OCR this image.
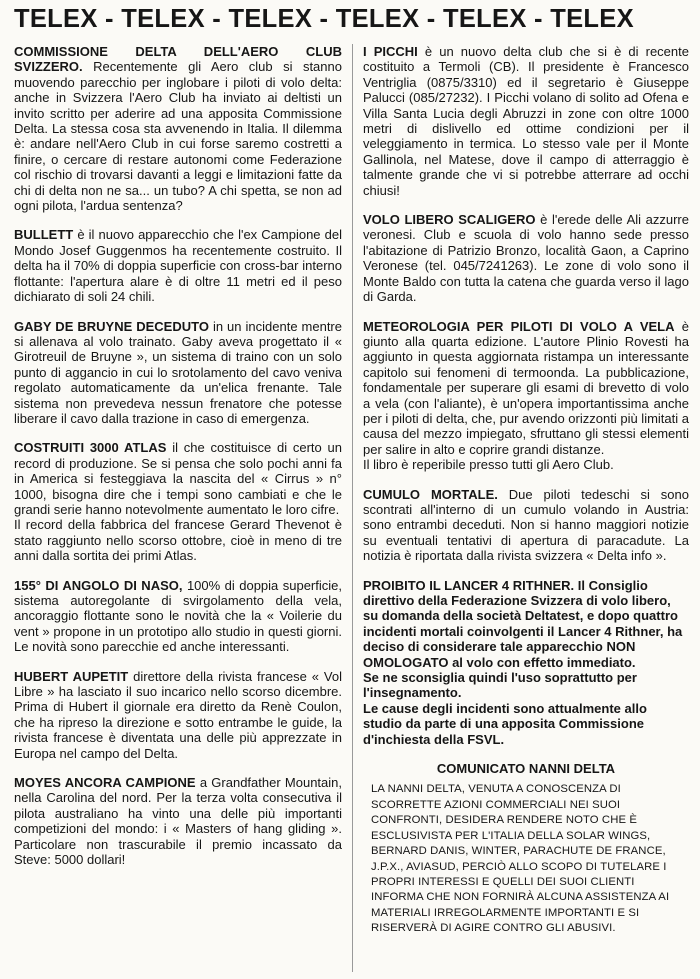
TELEX - TELEX - TELEX - TELEX - TELEX - TELEX

COMMISSIONE DELTA DELL'AERO CLUB SVIZZERO. Recentemente gli Aero club si stanno muovendo parecchio per inglobare i piloti di volo delta: anche in Svizzera l'Aero Club ha inviato ai deltisti un invito scritto per aderire ad una apposita Commissione Delta. La stessa cosa sta avvenendo in Italia. Il dilemma è: andare nell'Aero Club in cui forse saremo costretti a finire, o cercare di restare autonomi come Federazione col rischio di trovarsi davanti a leggi e limitazioni fatte da chi di delta non ne sa... un tubo? A chi spetta, se non ad ogni pilota, l'ardua sentenza?

BULLETT è il nuovo apparecchio che l'ex Campione del Mondo Josef Guggenmos ha recentemente costruito. Il delta ha il 70% di doppia superficie con cross-bar interno flottante: l'apertura alare è di oltre 11 metri ed il peso dichiarato di soli 24 chili.

GABY DE BRUYNE DECEDUTO in un incidente mentre si allenava al volo trainato. Gaby aveva progettato il « Girotreuil de Bruyne », un sistema di traino con un solo punto di aggancio in cui lo srotolamento del cavo veniva regolato automaticamente da un'elica frenante. Tale sistema non prevedeva nessun frenatore che potesse liberare il cavo dalla trazione in caso di emergenza.

COSTRUITI 3000 ATLAS il che costituisce di certo un record di produzione. Se si pensa che solo pochi anni fa in America si festeggiava la nascita del « Cirrus » n° 1000, bisogna dire che i tempi sono cambiati e che le grandi serie hanno notevolmente aumentato le loro cifre.

Il record della fabbrica del francese Gerard Thevenot è stato raggiunto nello scorso ottobre, cioè in meno di tre anni dalla sortita dei primi Atlas.

155° DI ANGOLO DI NASO, 100% di doppia superficie, sistema autoregolante di svirgolamento della vela, ancoraggio flottante sono le novità che la « Voilerie du vent » propone in un prototipo allo studio in questi giorni. Le novità sono parecchie ed anche interessanti.

HUBERT AUPETIT direttore della rivista francese « Vol Libre » ha lasciato il suo incarico nello scorso dicembre. Prima di Hubert il giornale era diretto da Renè Coulon, che ha ripreso la direzione e sotto entrambe le guide, la rivista francese è diventata una delle più apprezzate in Europa nel campo del Delta.

MOYES ANCORA CAMPIONE a Grandfather Mountain, nella Carolina del nord. Per la terza volta consecutiva il pilota australiano ha vinto una delle più importanti competizioni del mondo: i « Masters of hang gliding ». Particolare non trascurabile il premio incassato da Steve: 5000 dollari!

I PICCHI è un nuovo delta club che si è di recente costituito a Termoli (CB). Il presidente è Francesco Ventriglia (0875/3310) ed il segretario è Giuseppe Palucci (085/27232). I Picchi volano di solito ad Ofena e Villa Santa Lucia degli Abruzzi in zone con oltre 1000 metri di dislivello ed ottime condizioni per il veleggiamento in termica. Lo stesso vale per il Monte Gallinola, nel Matese, dove il campo di atterraggio è talmente grande che vi si potrebbe atterrare ad occhi chiusi!

VOLO LIBERO SCALIGERO è l'erede delle Ali azzurre veronesi. Club e scuola di volo hanno sede presso l'abitazione di Patrizio Bronzo, località Gaon, a Caprino Veronese (tel. 045/7241263). Le zone di volo sono il Monte Baldo con tutta la catena che guarda verso il lago di Garda.

METEOROLOGIA PER PILOTI DI VOLO A VELA è giunto alla quarta edizione. L'autore Plinio Rovesti ha aggiunto in questa aggiornata ristampa un interessante capitolo sui fenomeni di termoonda. La pubblicazione, fondamentale per superare gli esami di brevetto di volo a vela (con l'aliante), è un'opera importantissima anche per i piloti di delta, che, pur avendo orizzonti più limitati a causa del mezzo impiegato, sfruttano gli stessi elementi per salire in alto e coprire grandi distanze.

Il libro è reperibile presso tutti gli Aero Club.

CUMULO MORTALE. Due piloti tedeschi si sono scontrati all'interno di un cumulo volando in Austria: sono entrambi deceduti. Non si hanno maggiori notizie su eventuali tentativi di apertura di paracadute. La notizia è riportata dalla rivista svizzera « Delta info ».

PROIBITO IL LANCER 4 RITHNER. Il Consiglio direttivo della Federazione Svizzera di volo libero, su domanda della società Deltatest, e dopo quattro incidenti mortali coinvolgenti il Lancer 4 Rithner, ha deciso di considerare tale apparecchio NON OMOLOGATO al volo con effetto immediato.

Se ne sconsiglia quindi l'uso soprattutto per l'insegnamento.

Le cause degli incidenti sono attualmente allo studio da parte di una apposita Commissione d'inchiesta della FSVL.

COMUNICATO NANNI DELTA
LA NANNI DELTA, VENUTA A CONOSCENZA DI SCORRETTE AZIONI COMMERCIALI NEI SUOI CONFRONTI, DESIDERA RENDERE NOTO CHE È ESCLUSIVISTA PER L'ITALIA DELLA SOLAR WINGS, BERNARD DANIS, WINTER, PARACHUTE DE FRANCE, J.P.X., AVIASUD, PERCIÒ ALLO SCOPO DI TUTELARE I PROPRI INTERESSI E QUELLI DEI SUOI CLIENTI INFORMA CHE NON FORNIRÀ ALCUNA ASSISTENZA AI MATERIALI IRREGOLARMENTE IMPORTANTI E SI RISERVERÀ DI AGIRE CONTRO GLI ABUSIVI.
